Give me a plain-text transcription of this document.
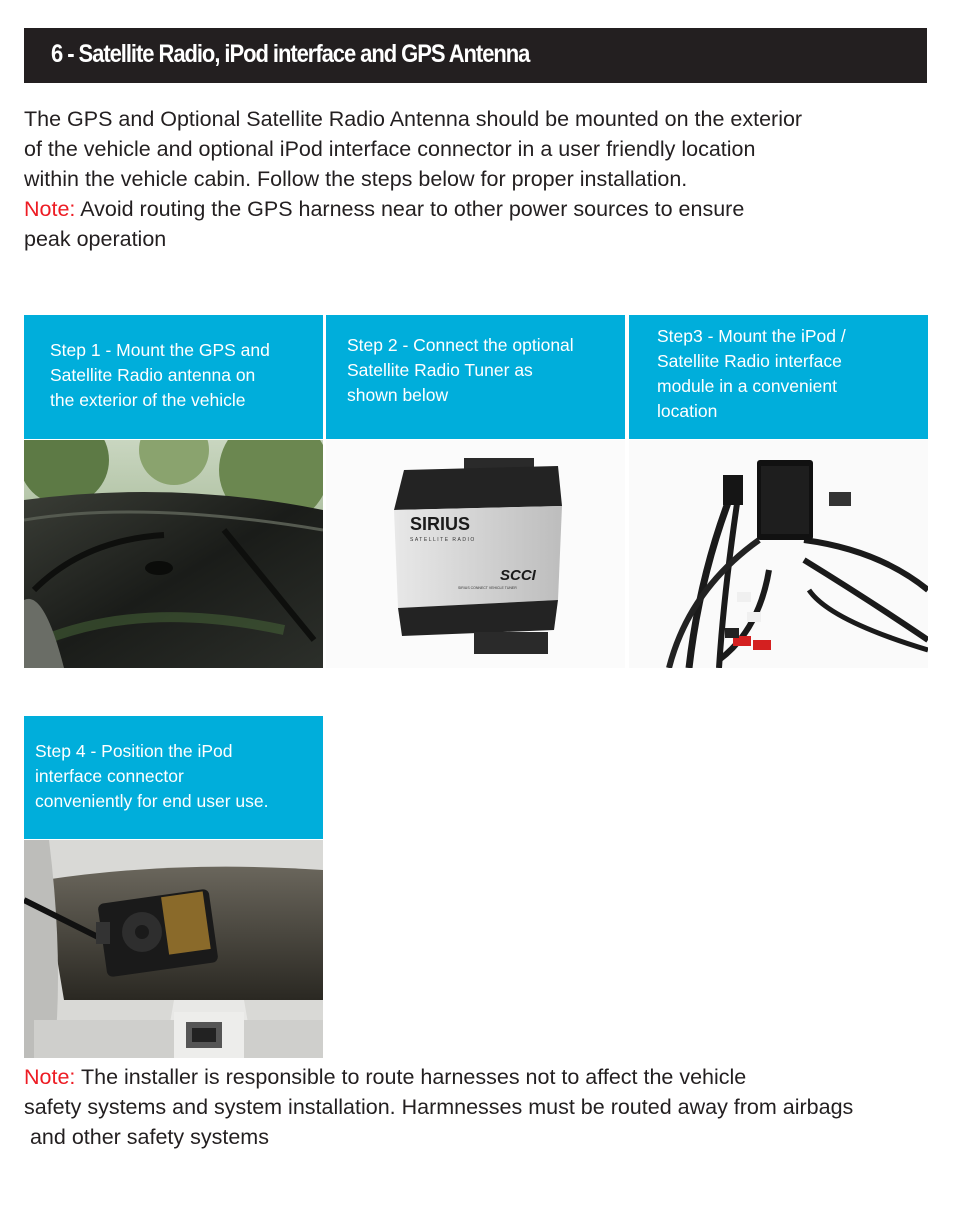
6 - Satellite Radio, iPod interface and GPS Antenna

The GPS and Optional Satellite Radio Antenna should be mounted on the exterior

of the vehicle and optional iPod interface connector in a user friendly location

within the vehicle cabin. Follow the steps below for proper installation.

Note: Avoid routing the GPS harness near to other power sources to ensure

peak operation

Step 1 - Mount the GPS and
Satellite Radio antenna on
the exterior of the vehicle
Step 2 - Connect the optional
Satellite Radio Tuner as
shown below
SIRIUS
SATELLITE RADIO
SCCI
SIRIUS CONNECT VEHICLE TUNER
Step3 - Mount the iPod /
Satellite Radio interface
module in a convenient
location
Step 4 - Position the iPod
interface connector
conveniently for end user use.

Note: The installer is responsible to route harnesses not to affect the vehicle

safety systems and system installation. Harmnesses must be routed away from airbags

and other safety systems
